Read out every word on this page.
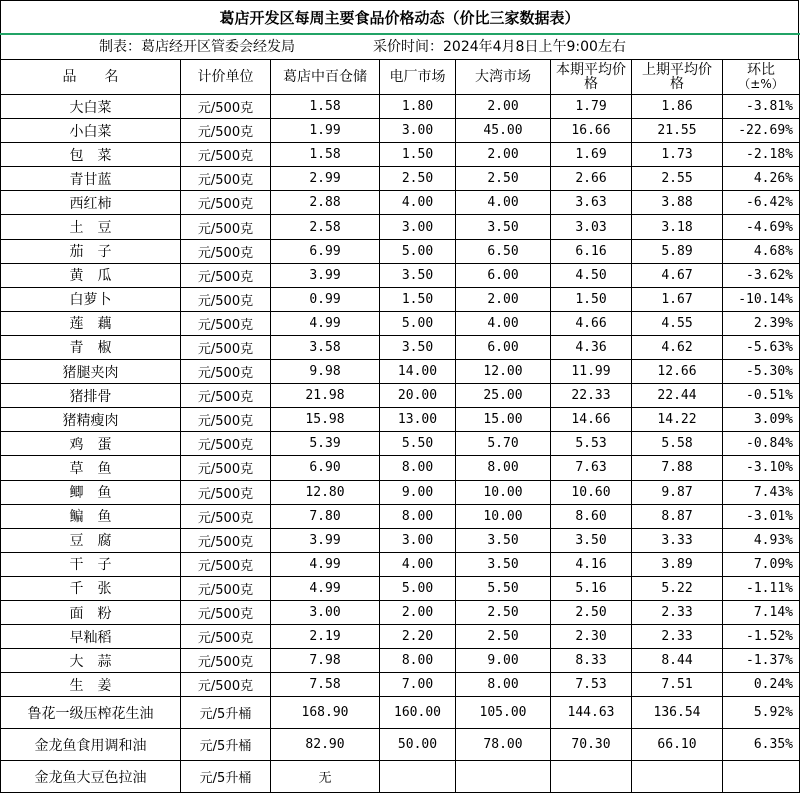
葛店开发区每周主要食品价格动态（价比三家数据表）
制表：葛店经开区管委会经发局	采价时间：2024年4月8日上午9:00左右
品　　名	计价单位	葛店中百仓储	电厂市场	大湾市场	本期平均价格	上期平均价格	环比
（±%）
大白菜	元/500克	1.58	1.80	2.00	1.79	1.86	-3.81%
小白菜	元/500克	1.99	3.00	45.00	16.66	21.55	-22.69%
包　菜	元/500克	1.58	1.50	2.00	1.69	1.73	-2.18%
青甘蓝	元/500克	2.99	2.50	2.50	2.66	2.55	4.26%
西红柿	元/500克	2.88	4.00	4.00	3.63	3.88	-6.42%
土　豆	元/500克	2.58	3.00	3.50	3.03	3.18	-4.69%
茄　子	元/500克	6.99	5.00	6.50	6.16	5.89	4.68%
黄　瓜	元/500克	3.99	3.50	6.00	4.50	4.67	-3.62%
白萝卜	元/500克	0.99	1.50	2.00	1.50	1.67	-10.14%
莲　藕	元/500克	4.99	5.00	4.00	4.66	4.55	2.39%
青　椒	元/500克	3.58	3.50	6.00	4.36	4.62	-5.63%
猪腿夹肉	元/500克	9.98	14.00	12.00	11.99	12.66	-5.30%
猪排骨	元/500克	21.98	20.00	25.00	22.33	22.44	-0.51%
猪精瘦肉	元/500克	15.98	13.00	15.00	14.66	14.22	3.09%
鸡　蛋	元/500克	5.39	5.50	5.70	5.53	5.58	-0.84%
草　鱼	元/500克	6.90	8.00	8.00	7.63	7.88	-3.10%
鲫　鱼	元/500克	12.80	9.00	10.00	10.60	9.87	7.43%
鳊　鱼	元/500克	7.80	8.00	10.00	8.60	8.87	-3.01%
豆　腐	元/500克	3.99	3.00	3.50	3.50	3.33	4.93%
干　子	元/500克	4.99	4.00	3.50	4.16	3.89	7.09%
千　张	元/500克	4.99	5.00	5.50	5.16	5.22	-1.11%
面　粉	元/500克	3.00	2.00	2.50	2.50	2.33	7.14%
早籼稻	元/500克	2.19	2.20	2.50	2.30	2.33	-1.52%
大　蒜	元/500克	7.98	8.00	9.00	8.33	8.44	-1.37%
生　姜	元/500克	7.58	7.00	8.00	7.53	7.51	0.24%
鲁花一级压榨花生油	元/5升桶	168.90	160.00	105.00	144.63	136.54	5.92%
金龙鱼食用调和油	元/5升桶	82.90	50.00	78.00	70.30	66.10	6.35%
金龙鱼大豆色拉油	元/5升桶	无					
